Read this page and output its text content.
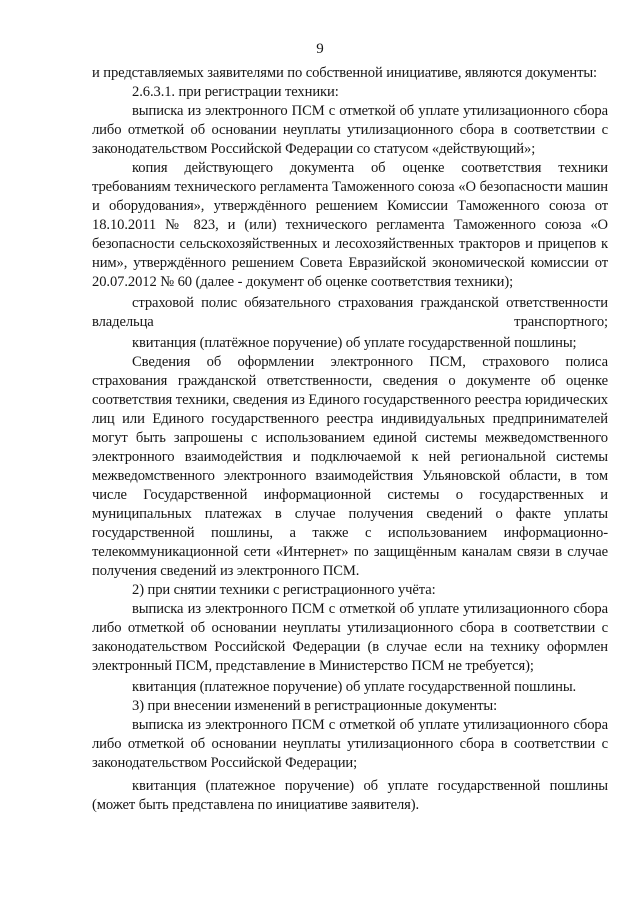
9

и представляемых заявителями по собственной инициативе, являются документы:

2.6.3.1. при регистрации техники:

выписка из электронного ПСМ с отметкой об уплате утилизационного сбора либо отметкой об основании неуплаты утилизационного сбора в соответствии с законодательством Российской Федерации со статусом «действующий»;

копия действующего документа об оценке соответствия техники требованиям технического регламента Таможенного союза «О безопасности машин и оборудования», утверждённого решением Комиссии Таможенного союза от 18.10.2011 № 823, и (или) технического регламента Таможенного союза «О безопасности сельскохозяйственных и лесохозяйственных тракторов и прицепов к ним», утверждённого решением Совета Евразийской экономической комиссии от 20.07.2012 № 60 (далее - документ об оценке соответствия техники);

страховой полис обязательного страхования гражданской ответственности владельца транспортного;

квитанция (платёжное поручение) об уплате государственной пошлины;

Сведения об оформлении электронного ПСМ, страхового полиса страхования гражданской ответственности, сведения о документе об оценке соответствия техники, сведения из Единого государственного реестра юридических лиц или Единого государственного реестра индивидуальных предпринимателей могут быть запрошены с использованием единой системы межведомственного электронного взаимодействия и подключаемой к ней региональной системы межведомственного электронного взаимодействия Ульяновской области, в том числе Государственной информационной системы о государственных и муниципальных платежах в случае получения сведений о факте уплаты государственной пошлины, а также с использованием информационно-телекоммуникационной сети «Интернет» по защищённым каналам связи в случае получения сведений из электронного ПСМ.

2) при снятии техники с регистрационного учёта:

выписка из электронного ПСМ с отметкой об уплате утилизационного сбора либо отметкой об основании неуплаты утилизационного сбора в соответствии с законодательством Российской Федерации (в случае если на технику оформлен электронный ПСМ, представление в Министерство ПСМ не требуется);

квитанция (платежное поручение) об уплате государственной пошлины.

3) при внесении изменений в регистрационные документы:

выписка из электронного ПСМ с отметкой об уплате утилизационного сбора либо отметкой об основании неуплаты утилизационного сбора в соответствии с законодательством Российской Федерации;

квитанция (платежное поручение) об уплате государственной пошлины (может быть представлена по инициативе заявителя).
